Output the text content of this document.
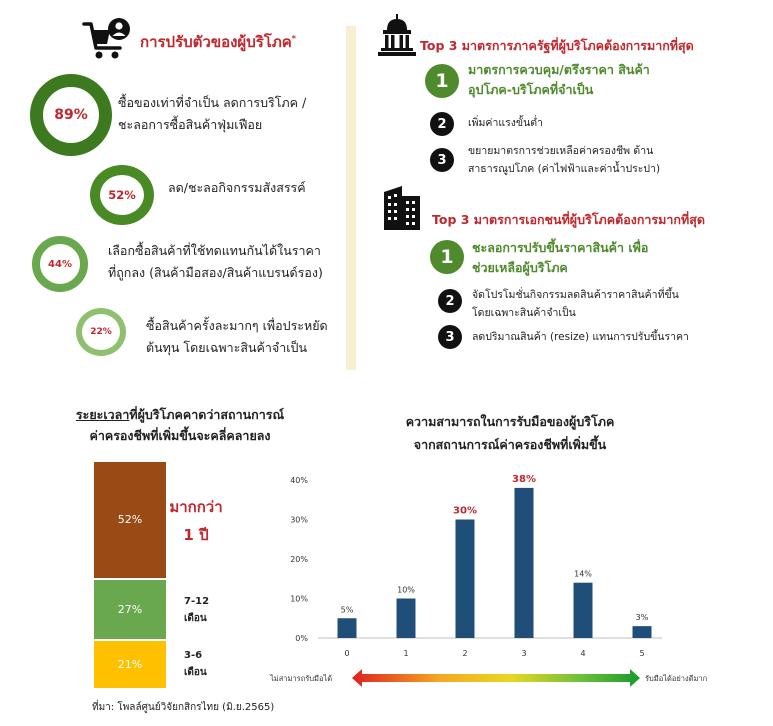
การปรับตัวของผู้บริโภค*
89%
ซื้อของเท่าที่จำเป็น ลดการบริโภค /ชะลอการซื้อสินค้าฟุ่มเฟือย
52%	ลด/ชะลอกิจกรรมสังสรรค์
44%
เลือกซื้อสินค้าที่ใช้ทดแทนกันได้ในราคาที่ถูกลง (สินค้ามือสอง/สินค้าแบรนด์รอง)
22%	ซื้อสินค้าครั้งละมากๆ เพื่อประหยัดต้นทุน โดยเฉพาะสินค้าจำเป็น
Top 3 มาตรการภาครัฐที่ผู้บริโภคต้องการมากที่สุด
1
มาตรการควบคุม/ตรึงราคา สินค้าอุปโภค-บริโภคที่จำเป็น
2	เพิ่มค่าแรงขั้นต่ำ
3
ขยายมาตรการช่วยเหลือค่าครองชีพ ด้านสาธารณูปโภค (ค่าไฟฟ้าและค่าน้ำประปา)
Top 3 มาตรการเอกชนที่ผู้บริโภคต้องการมากที่สุด
1	ชะลอการปรับขึ้นราคาสินค้า เพื่อช่วยเหลือผู้บริโภค
2	จัดโปรโมชั่นกิจกรรมลดสินค้าราคาสินค้าที่ขึ้น โดยเฉพาะสินค้าจำเป็น
3	ลดปริมาณสินค้า (resize) แทนการปรับขึ้นราคา
ระยะเวลาที่ผู้บริโภคคาดว่าสถานการณ์
ค่าครองชีพที่เพิ่มขึ้นจะคลี่คลายลง
52%
มากกว่า
1 ปี
27%
7-12
เดือน
21%
3-6
เดือน
ที่มา: โพลล์ศูนย์วิจัยกสิกรไทย (มิ.ย.2565)
ความสามารถในการรับมือของผู้บริโภค
จากสถานการณ์ค่าครองชีพที่เพิ่มขึ้น
0%
10%
20%
30%
40%
5%
0
10%
1
30%
2
38%
3
14%
4
3%
5
ไม่สามารถรับมือได้	รับมือได้อย่างดีมาก
